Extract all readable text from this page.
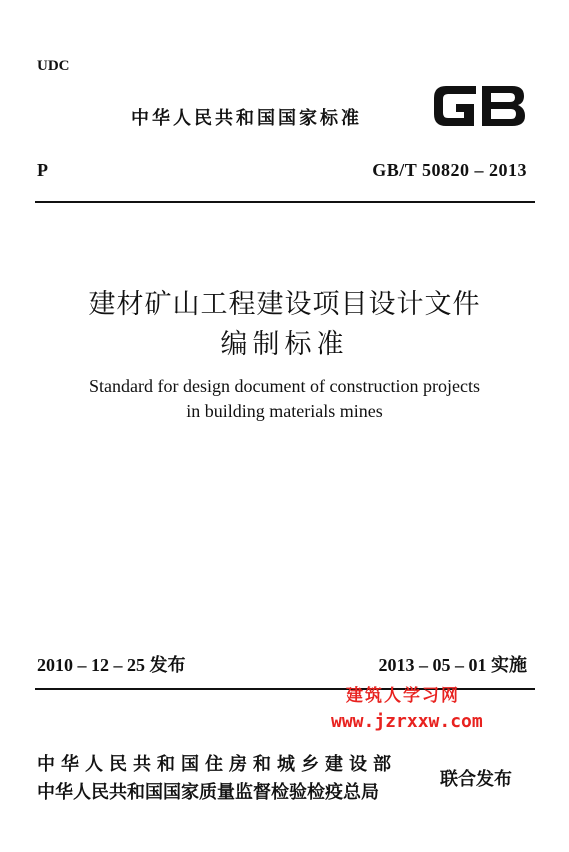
UDC
中华人民共和国国家标准
P	GB/T 50820 – 2013
建材矿山工程建设项目设计文件
编制标准
Standard for design document of construction projects
in building materials mines
2010 – 12 – 25 发布	2013 – 05 – 01 实施
建筑人学习网
www.jzrxxw.com
中华人民共和国住房和城乡建设部
中华人民共和国国家质量监督检验检疫总局
联合发布
